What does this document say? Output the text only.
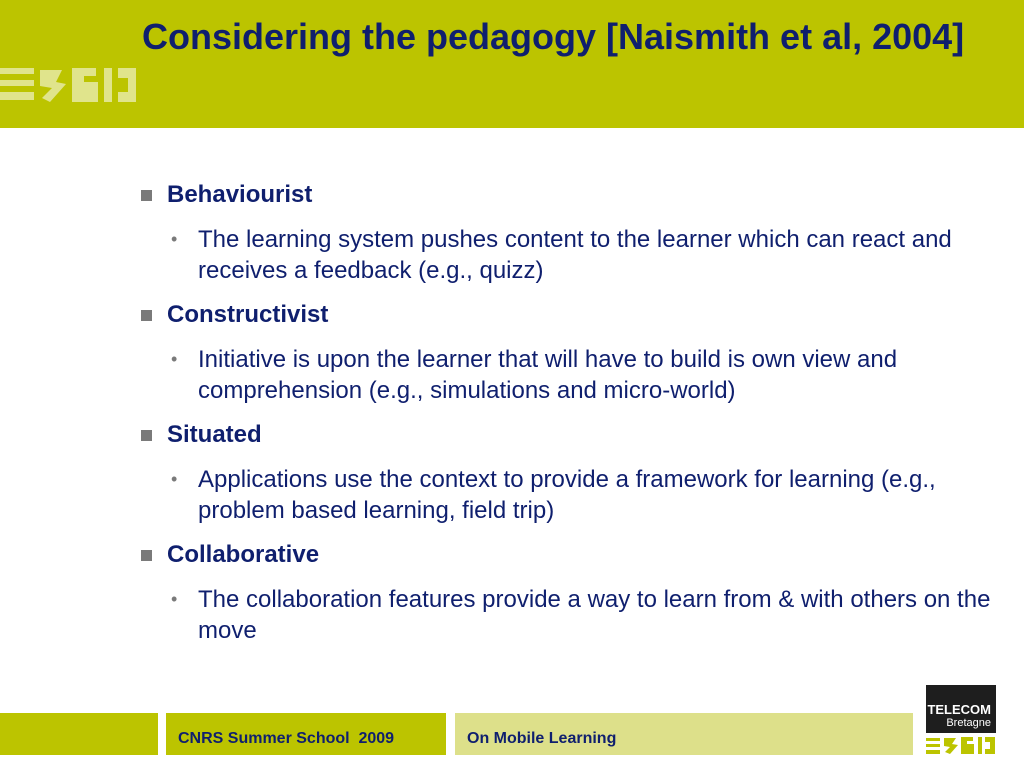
Considering the pedagogy [Naismith et al, 2004]
Behaviourist
• The learning system pushes content to the learner which can react and receives a feedback (e.g., quizz)
Constructivist
• Initiative is upon the learner that will have to build is own view and comprehension (e.g., simulations and micro-world)
Situated
• Applications use the context to provide a framework for learning (e.g., problem based learning, field trip)
Collaborative
• The collaboration features provide a way to learn from & with others on the move
CNRS Summer School  2009	On Mobile Learning
TELECOM
Bretagne
